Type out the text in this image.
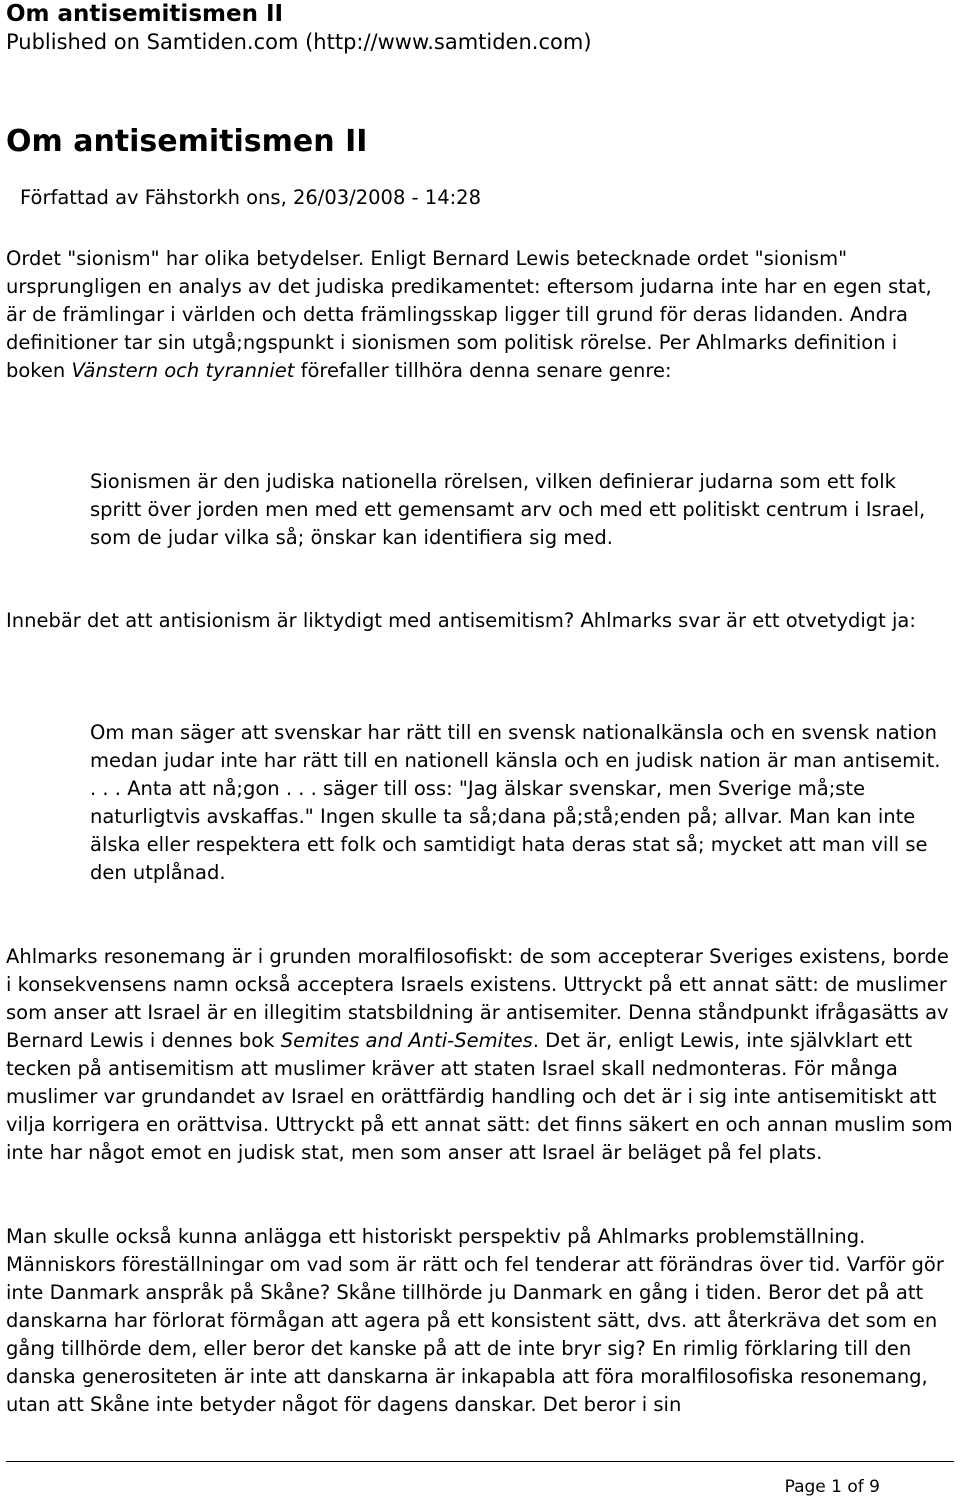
Om antisemitismen II
Published on Samtiden.com (http://www.samtiden.com)
Om antisemitismen II
Författad av Fähstorkh ons, 26/03/2008 - 14:28

Ordet "sionism" har olika betydelser. Enligt Bernard Lewis betecknade ordet "sionism" ursprungligen en analys av det judiska predikamentet: eftersom judarna inte har en egen stat, är de främlingar i världen och detta främlingsskap ligger till grund för deras lidanden. Andra definitioner tar sin utgå;ngspunkt i sionismen som politisk rörelse. Per Ahlmarks definition i boken Vänstern och tyranniet förefaller tillhöra denna senare genre:

Sionismen är den judiska nationella rörelsen, vilken definierar judarna som ett folk spritt över jorden men med ett gemensamt arv och med ett politiskt centrum i Israel, som de judar vilka så; önskar kan identifiera sig med.

Innebär det att antisionism är liktydigt med antisemitism? Ahlmarks svar är ett otvetydigt ja:

Om man säger att svenskar har rätt till en svensk nationalkänsla och en svensk nation medan judar inte har rätt till en nationell känsla och en judisk nation är man antisemit. . . . Anta att nå;gon . . . säger till oss: "Jag älskar svenskar, men Sverige må;ste naturligtvis avskaffas." Ingen skulle ta så;dana på;stå;enden på; allvar. Man kan inte älska eller respektera ett folk och samtidigt hata deras stat så; mycket att man vill se den utplånad.

Ahlmarks resonemang är i grunden moralfilosofiskt: de som accepterar Sveriges existens, borde i konsekvensens namn också acceptera Israels existens. Uttryckt på ett annat sätt: de muslimer som anser att Israel är en illegitim statsbildning är antisemiter. Denna ståndpunkt ifrågasätts av Bernard Lewis i dennes bok Semites and Anti-Semites. Det är, enligt Lewis, inte självklart ett tecken på antisemitism att muslimer kräver att staten Israel skall nedmonteras. För många muslimer var grundandet av Israel en orättfärdig handling och det är i sig inte antisemitiskt att vilja korrigera en orättvisa. Uttryckt på ett annat sätt: det finns säkert en och annan muslim som inte har något emot en judisk stat, men som anser att Israel är beläget på fel plats.

Man skulle också kunna anlägga ett historiskt perspektiv på Ahlmarks problemställning. Människors föreställningar om vad som är rätt och fel tenderar att förändras över tid. Varför gör inte Danmark anspråk på Skåne? Skåne tillhörde ju Danmark en gång i tiden. Beror det på att danskarna har förlorat förmågan att agera på ett konsistent sätt, dvs. att återkräva det som en gång tillhörde dem, eller beror det kanske på att de inte bryr sig? En rimlig förklaring till den danska generositeten är inte att danskarna är inkapabla att föra moralfilosofiska resonemang, utan att Skåne inte betyder något för dagens danskar. Det beror i sin

Page 1 of 9
